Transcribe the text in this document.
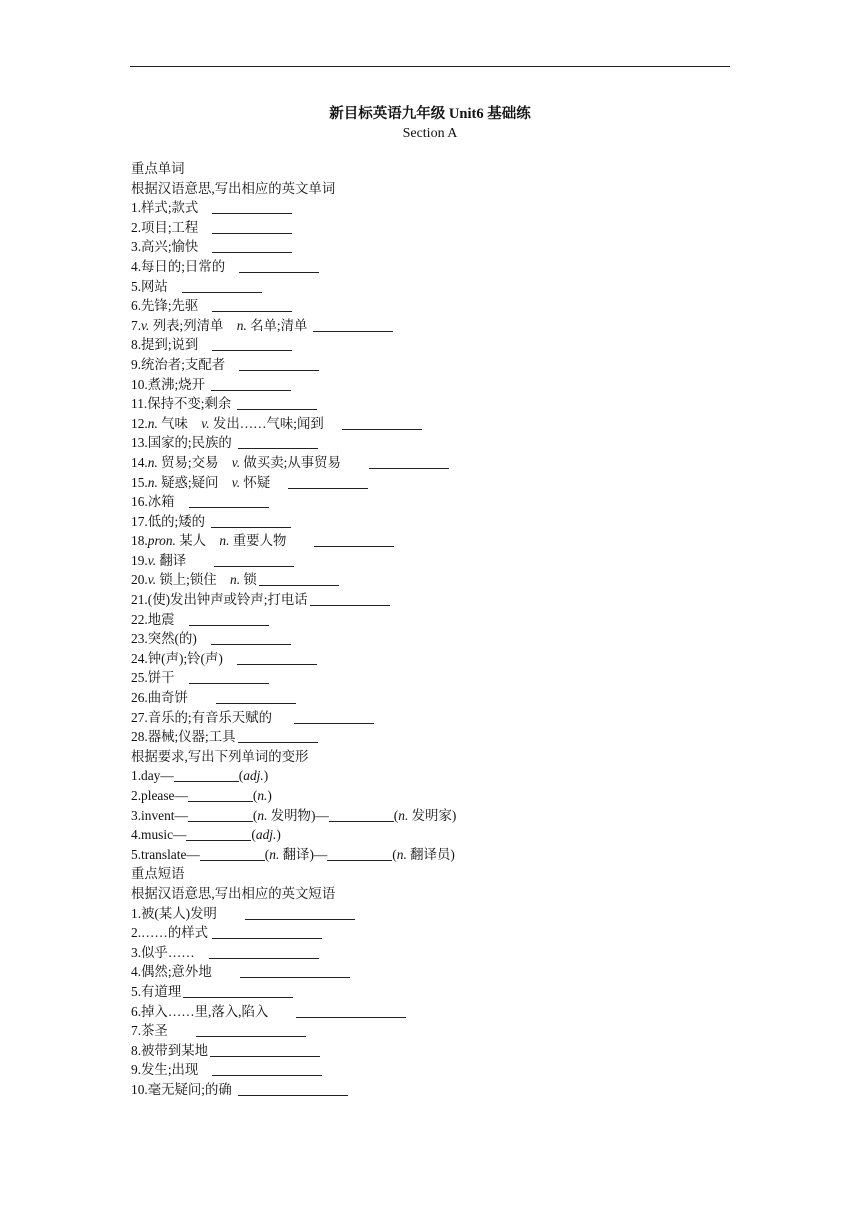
新目标英语九年级 Unit6 基础练
Section A
重点单词
根据汉语意思,写出相应的英文单词
1.样式;款式
2.项目;工程
3.高兴;愉快
4.每日的;日常的
5.网站
6.先锋;先驱
7.v. 列表;列清单 n. 名单;清单
8.提到;说到
9.统治者;支配者
10.煮沸;烧开
11.保持不变;剩余
12.n. 气味 v. 发出……气味;闻到
13.国家的;民族的
14.n. 贸易;交易 v. 做买卖;从事贸易
15.n. 疑惑;疑问 v. 怀疑
16.冰箱
17.低的;矮的
18.pron. 某人 n. 重要人物
19.v. 翻译
20.v. 锁上;锁住 n. 锁
21.(使)发出钟声或铃声;打电话
22.地震
23.突然(的)
24.钟(声);铃(声)
25.饼干
26.曲奇饼
27.音乐的;有音乐天赋的
28.器械;仪器;工具
根据要求,写出下列单词的变形
1.day—	(adj.)
2.please—	(n.)
3.invent—	(n. 发明物)—	(n. 发明家)
4.music—	(adj.)
5.translate—	(n. 翻译)—	(n. 翻译员)
重点短语
根据汉语意思,写出相应的英文短语
1.被(某人)发明
2.……的样式
3.似乎……
4.偶然;意外地
5.有道理
6.掉入……里,落入,陷入
7.茶圣
8.被带到某地
9.发生;出现
10.毫无疑问;的确
